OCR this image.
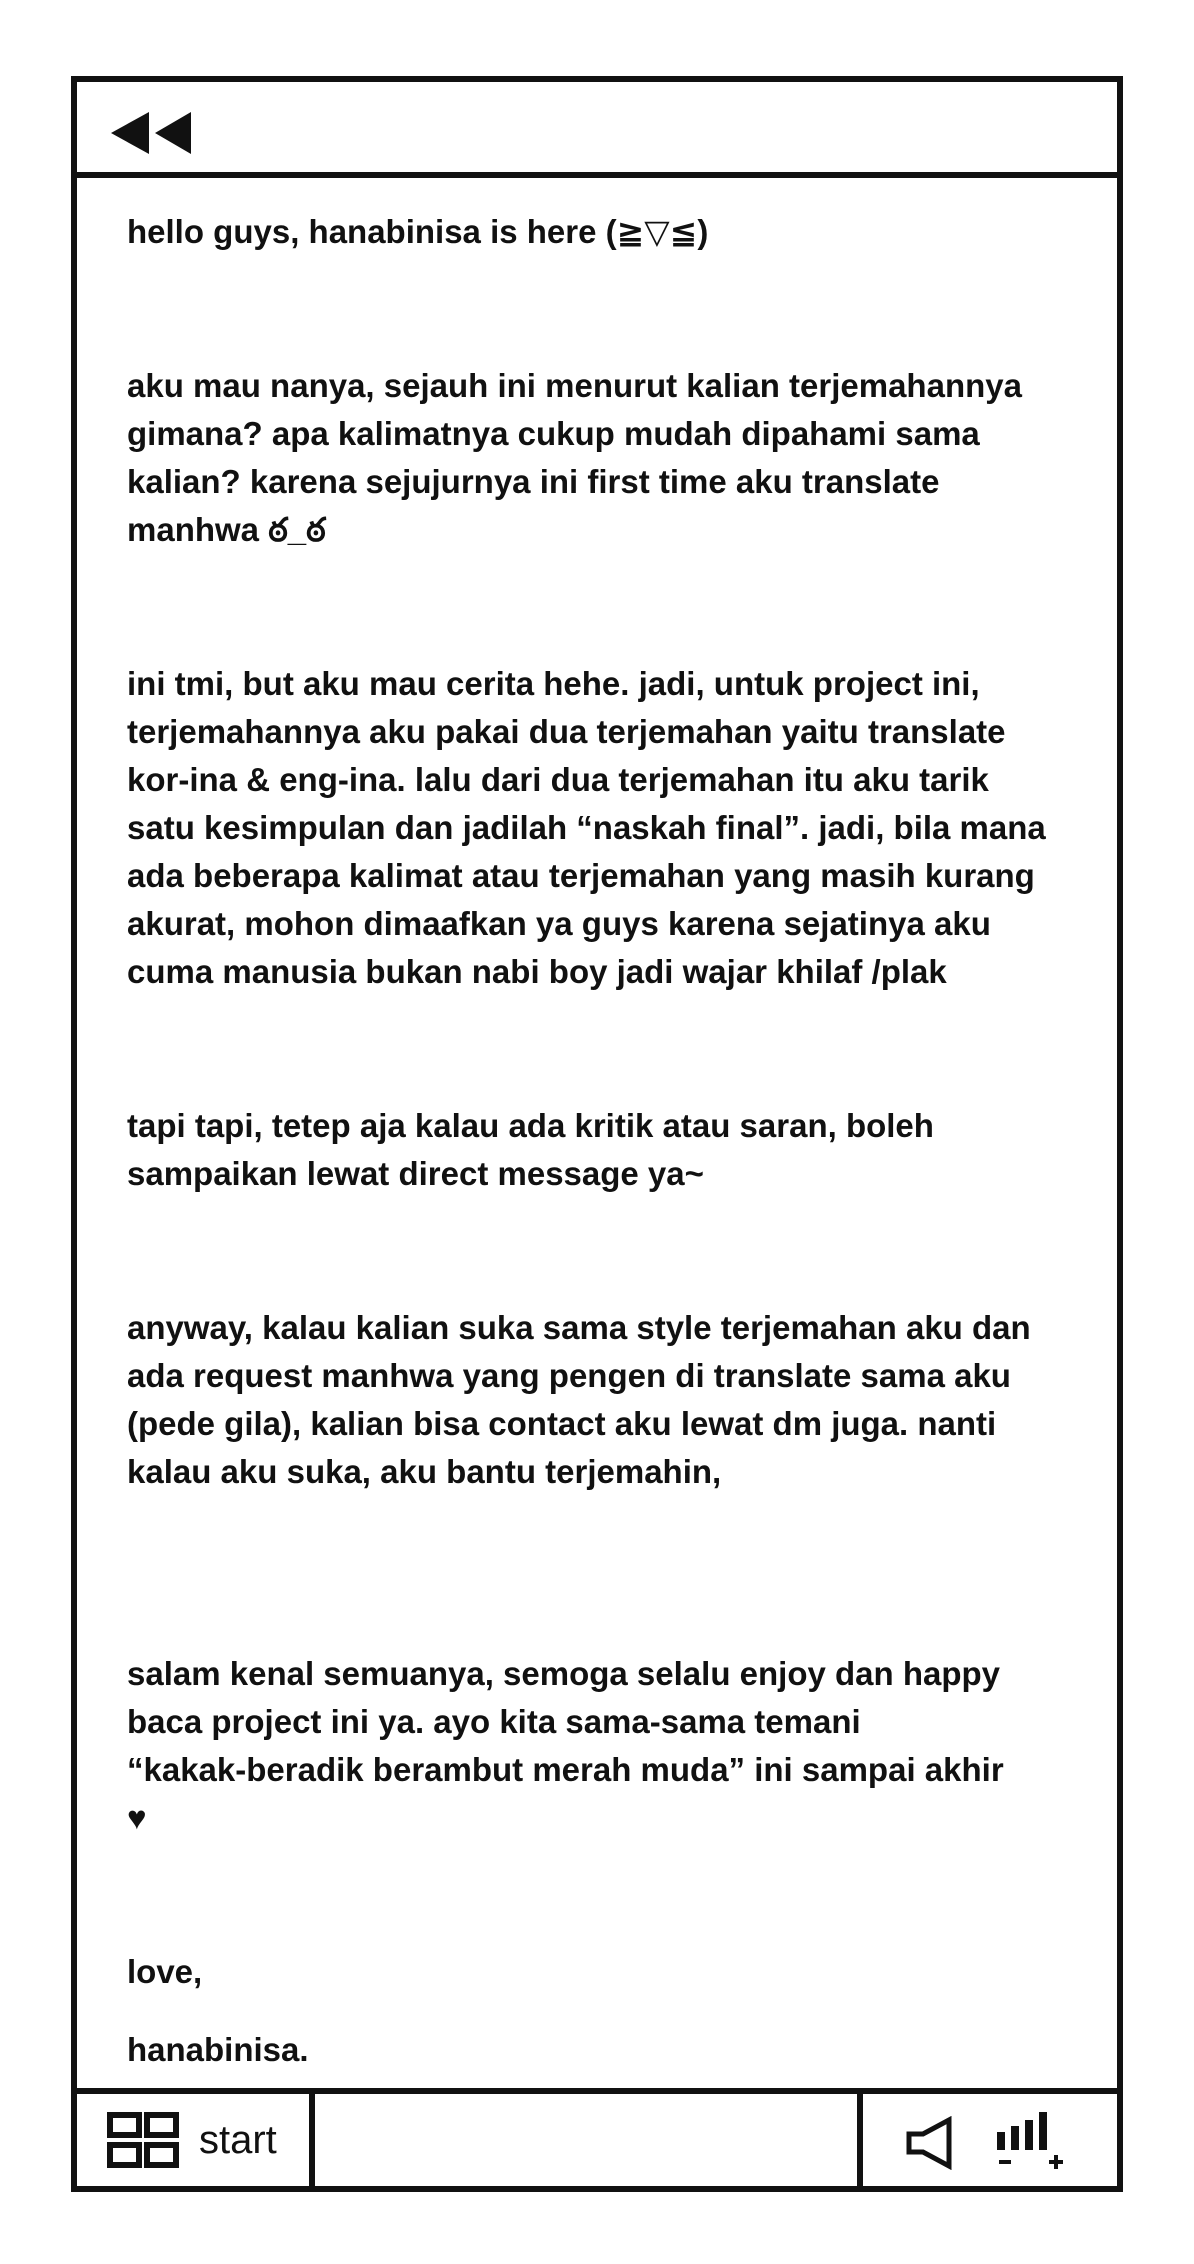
hello guys, hanabinisa is here (≧▽≦)

aku mau nanya, sejauh ini menurut kalian terjemahannya
gimana? apa kalimatnya cukup mudah dipahami sama
kalian? karena sejujurnya ini first time aku translate
manhwa ఠ_ఠ

ini tmi, but aku mau cerita hehe. jadi, untuk project ini,
terjemahannya aku pakai dua terjemahan yaitu translate
kor-ina & eng-ina. lalu dari dua terjemahan itu aku tarik
satu kesimpulan dan jadilah “naskah final”. jadi, bila mana
ada beberapa kalimat atau terjemahan yang masih kurang
akurat, mohon dimaafkan ya guys karena sejatinya aku
cuma manusia bukan nabi boy jadi wajar khilaf /plak

tapi tapi, tetep aja kalau ada kritik atau saran, boleh
sampaikan lewat direct message ya~

anyway, kalau kalian suka sama style terjemahan aku dan
ada request manhwa yang pengen di translate sama aku
(pede gila), kalian bisa contact aku lewat dm juga. nanti
kalau aku suka, aku bantu terjemahin,

salam kenal semuanya, semoga selalu enjoy dan happy
baca project ini ya. ayo kita sama-sama temani
“kakak-beradik berambut merah muda” ini sampai akhir
♥

love,

hanabinisa.

start
